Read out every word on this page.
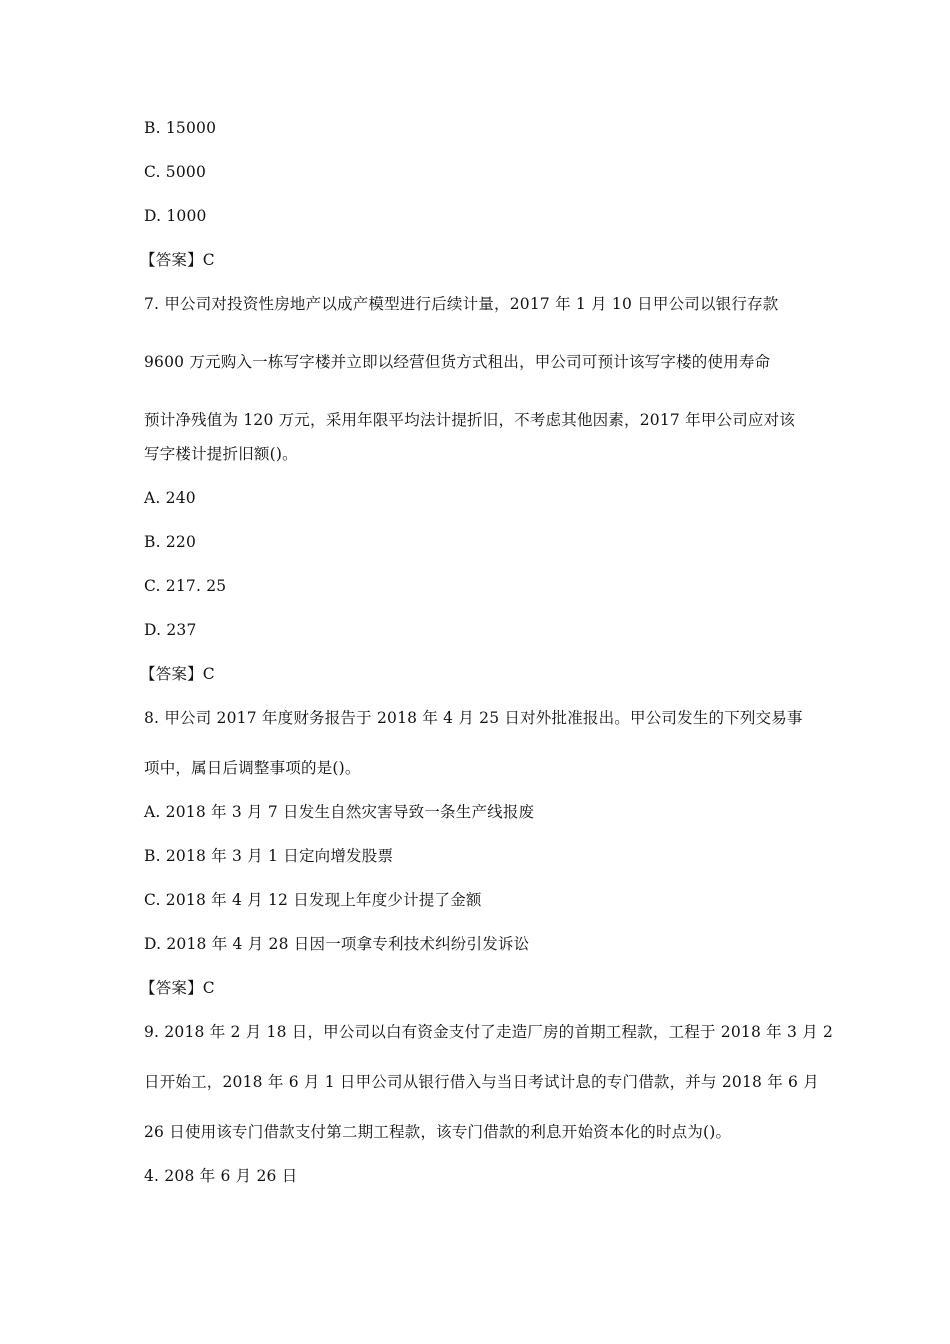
B. 15000
C. 5000
D. 1000
【答案】C
7. 甲公司对投资性房地产以成产模型进行后续计量，2017 年 1 月 10 日甲公司以银行存款
9600 万元购入一栋写字楼并立即以经营但货方式租出，甲公司可预计该写字楼的使用寿命
预计净残值为 120 万元，采用年限平均法计提折旧，不考虑其他因素，2017 年甲公司应对该
写字楼计提折旧额()。
A. 240
B. 220
C. 217. 25
D. 237
【答案】C
8. 甲公司 2017 年度财务报告于 2018 年 4 月 25 日对外批准报出。甲公司发生的下列交易事
项中，属日后调整事项的是()。
A. 2018 年 3 月 7 日发生自然灾害导致一条生产线报废
B. 2018 年 3 月 1 日定向增发股票
C. 2018 年 4 月 12 日发现上年度少计提了金额
D. 2018 年 4 月 28 日因一项拿专利技术纠纷引发诉讼
【答案】C
9. 2018 年 2 月 18 日，甲公司以白有资金支付了走造厂房的首期工程款，工程于 2018 年 3 月 2
日开始工，2018 年 6 月 1 日甲公司从银行借入与当日考试计息的专门借款，并与 2018 年 6 月
26 日使用该专门借款支付第二期工程款，该专门借款的利息开始资本化的时点为()。
4. 208 年 6 月 26 日
